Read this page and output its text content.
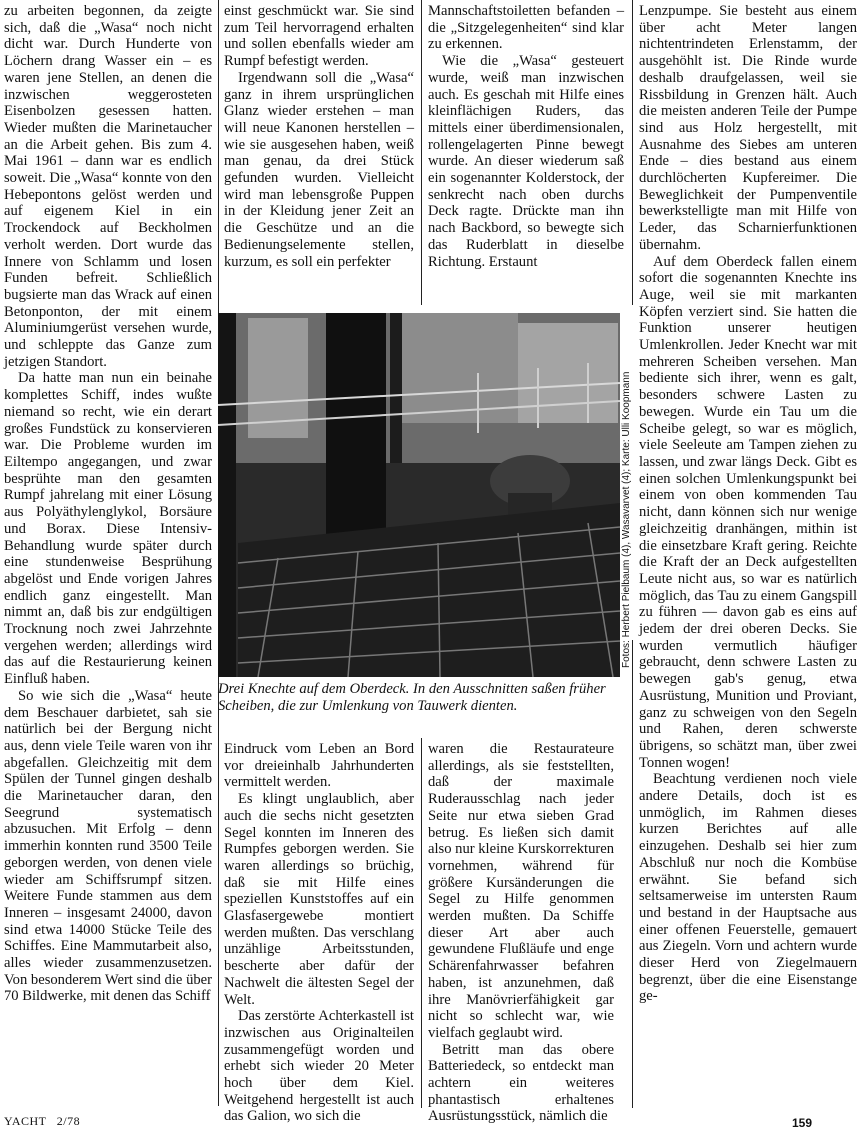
zu arbeiten begonnen, da zeigte sich, daß die „Wasa“ noch nicht dicht war. Durch Hunderte von Löchern drang Wasser ein – es waren jene Stellen, an denen die inzwischen weggerosteten Eisenbolzen gesessen hatten. Wieder mußten die Marinetaucher an die Arbeit gehen. Bis zum 4. Mai 1961 – dann war es endlich soweit. Die „Wasa“ konnte von den Hebepontons gelöst werden und auf eigenem Kiel in ein Trockendock auf Beckholmen verholt werden. Dort wurde das Innere von Schlamm und losen Funden befreit. Schließlich bugsierte man das Wrack auf einen Betonponton, der mit einem Aluminiumgerüst versehen wurde, und schleppte das Ganze zum jetzigen Standort.

Da hatte man nun ein beinahe komplettes Schiff, indes wußte niemand so recht, wie ein derart großes Fundstück zu konservieren war. Die Probleme wurden im Eiltempo angegangen, und zwar besprühte man den gesamten Rumpf jahrelang mit einer Lösung aus Polyäthylenglykol, Borsäure und Borax. Diese Intensiv-Behandlung wurde später durch eine stundenweise Besprühung abgelöst und Ende vorigen Jahres endlich ganz eingestellt. Man nimmt an, daß bis zur endgültigen Trocknung noch zwei Jahrzehnte vergehen werden; allerdings wird das auf die Restaurierung keinen Einfluß haben.

So wie sich die „Wasa“ heute dem Beschauer darbietet, sah sie natürlich bei der Bergung nicht aus, denn viele Teile waren von ihr abgefallen. Gleichzeitig mit dem Spülen der Tunnel gingen deshalb die Marinetaucher daran, den Seegrund systematisch abzusuchen. Mit Erfolg – denn immerhin konnten rund 3500 Teile geborgen werden, von denen viele wieder am Schiffsrumpf sitzen. Weitere Funde stammen aus dem Inneren – insgesamt 24000, davon sind etwa 14000 Stücke Teile des Schiffes. Eine Mammutarbeit also, alles wieder zusammenzusetzen. Von besonderem Wert sind die über 70 Bildwerke, mit denen das Schiff

einst geschmückt war. Sie sind zum Teil hervorragend erhalten und sollen ebenfalls wieder am Rumpf befestigt werden.

Irgendwann soll die „Wasa“ ganz in ihrem ursprünglichen Glanz wieder erstehen – man will neue Kanonen herstellen – wie sie ausgesehen haben, weiß man genau, da drei Stück gefunden wurden. Vielleicht wird man lebensgroße Puppen in der Kleidung jener Zeit an die Geschütze und an die Bedienungselemente stellen, kurzum, es soll ein perfekter

Mannschaftstoiletten befanden – die „Sitzgelegenheiten“ sind klar zu erkennen.

Wie die „Wasa“ gesteuert wurde, weiß man inzwischen auch. Es geschah mit Hilfe eines kleinflächigen Ruders, das mittels einer überdimensionalen, rollengelagerten Pinne bewegt wurde. An dieser wiederum saß ein sogenannter Kolderstock, der senkrecht nach oben durchs Deck ragte. Drückte man ihn nach Backbord, so bewegte sich das Ruderblatt in dieselbe Richtung. Erstaunt

Drei Knechte auf dem Oberdeck. In den Ausschnitten saßen früher Scheiben, die zur Umlenkung von Tauwerk dienten.
Fotos: Herbert Pielbaum (4), Wasavarvet (4); Karte: Ulli Koopmann

Eindruck vom Leben an Bord vor dreieinhalb Jahrhunderten vermittelt werden.

Es klingt unglaublich, aber auch die sechs nicht gesetzten Segel konnten im Inneren des Rumpfes geborgen werden. Sie waren allerdings so brüchig, daß sie mit Hilfe eines speziellen Kunststoffes auf ein Glasfasergewebe montiert werden mußten. Das verschlang unzählige Arbeitsstunden, bescherte aber dafür der Nachwelt die ältesten Segel der Welt.

Das zerstörte Achterkastell ist inzwischen aus Originalteilen zusammengefügt worden und erhebt sich wieder 20 Meter hoch über dem Kiel. Weitgehend hergestellt ist auch das Galion, wo sich die

waren die Restaurateure allerdings, als sie feststellten, daß der maximale Ruderausschlag nach jeder Seite nur etwa sieben Grad betrug. Es ließen sich damit also nur kleine Kurskorrekturen vornehmen, während für größere Kursänderungen die Segel zu Hilfe genommen werden mußten. Da Schiffe dieser Art aber auch gewundene Flußläufe und enge Schärenfahrwasser befahren haben, ist anzunehmen, daß ihre Manövrierfähigkeit gar nicht so schlecht war, wie vielfach geglaubt wird.

Betritt man das obere Batteriedeck, so entdeckt man achtern ein weiteres phantastisch erhaltenes Ausrüstungsstück, nämlich die

Lenzpumpe. Sie besteht aus einem über acht Meter langen nichtentrindeten Erlenstamm, der ausgehöhlt ist. Die Rinde wurde deshalb draufgelassen, weil sie Rissbildung in Grenzen hält. Auch die meisten anderen Teile der Pumpe sind aus Holz hergestellt, mit Ausnahme des Siebes am unteren Ende – dies bestand aus einem durchlöcherten Kupfereimer. Die Beweglichkeit der Pumpenventile bewerkstelligte man mit Hilfe von Leder, das Scharnierfunktionen übernahm.

Auf dem Oberdeck fallen einem sofort die sogenannten Knechte ins Auge, weil sie mit markanten Köpfen verziert sind. Sie hatten die Funktion unserer heutigen Umlenkrollen. Jeder Knecht war mit mehreren Scheiben versehen. Man bediente sich ihrer, wenn es galt, besonders schwere Lasten zu bewegen. Wurde ein Tau um die Scheibe gelegt, so war es möglich, viele Seeleute am Tampen ziehen zu lassen, und zwar längs Deck. Gibt es einen solchen Umlenkungspunkt bei einem von oben kommenden Tau nicht, dann können sich nur wenige gleichzeitig dranhängen, mithin ist die einsetzbare Kraft gering. Reichte die Kraft der an Deck aufgestellten Leute nicht aus, so war es natürlich möglich, das Tau zu einem Gangspill zu führen — davon gab es eins auf jedem der drei oberen Decks. Sie wurden vermutlich häufiger gebraucht, denn schwere Lasten zu bewegen gab's genug, etwa Ausrüstung, Munition und Proviant, ganz zu schweigen von den Segeln und Rahen, deren schwerste übrigens, so schätzt man, über zwei Tonnen wogen!

Beachtung verdienen noch viele andere Details, doch ist es unmöglich, im Rahmen dieses kurzen Berichtes auf alle einzugehen. Deshalb sei hier zum Abschluß nur noch die Kombüse erwähnt. Sie befand sich seltsamerweise im untersten Raum und bestand in der Hauptsache aus einer offenen Feuerstelle, gemauert aus Ziegeln. Vorn und achtern wurde dieser Herd von Ziegelmauern begrenzt, über die eine Eisenstange ge-

YACHT 2/78	159
